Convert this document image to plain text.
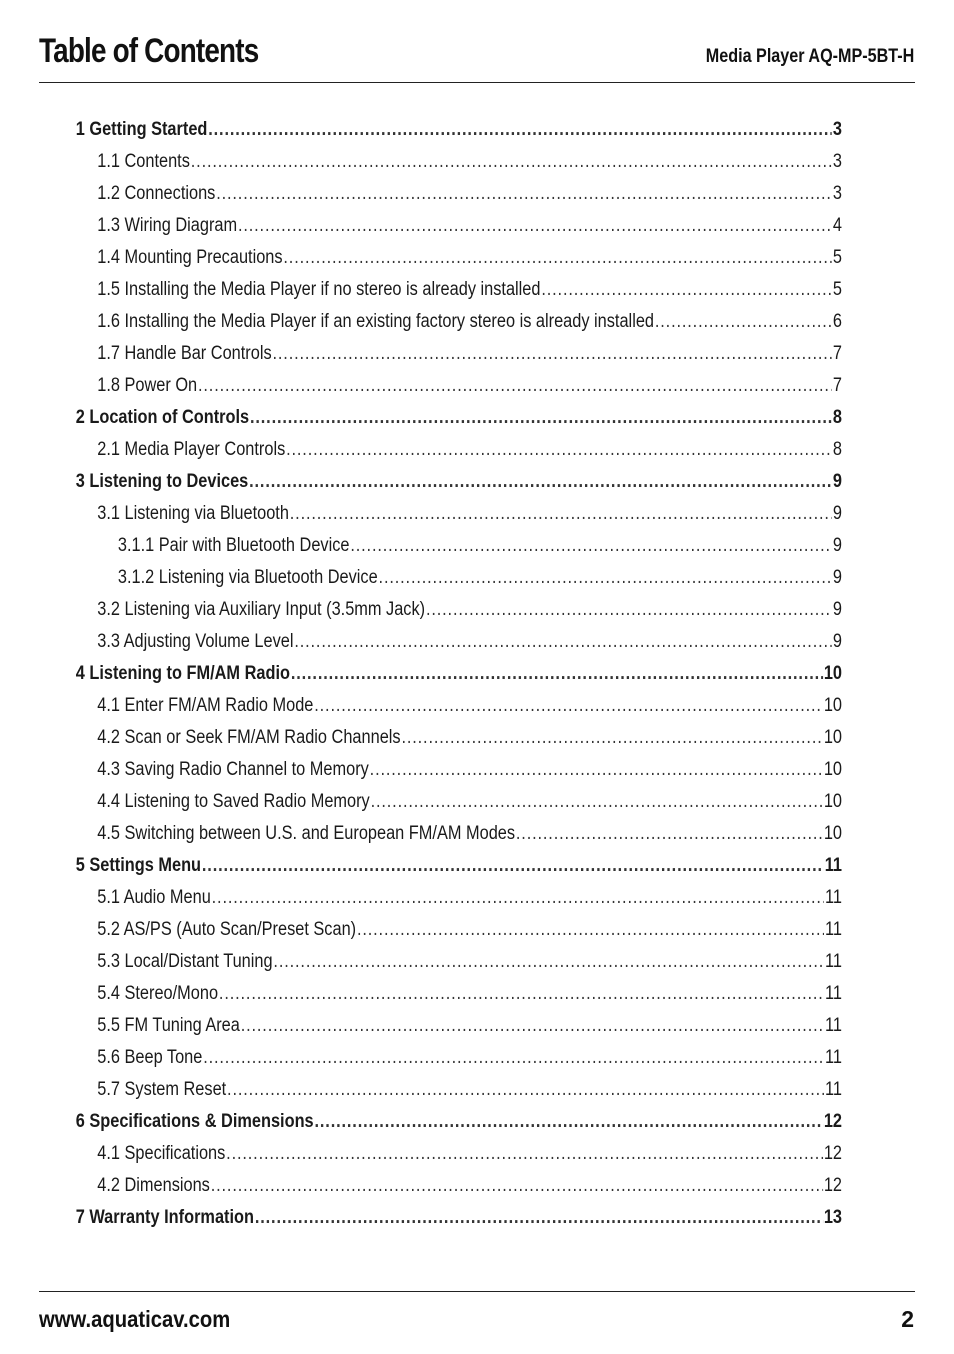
Table of Contents	Media Player AQ-MP-5BT-H
1 Getting Started .....	3
1.1 Contents .....	3
1.2 Connections .....	3
1.3 Wiring Diagram .....	4
1.4 Mounting Precautions .....	5
1.5 Installing the Media Player if no stereo is already installed .....	5
1.6 Installing the Media Player if an existing factory stereo is already installed .....	6
1.7 Handle Bar Controls .....	7
1.8 Power On .....	7
2 Location of Controls .....	8
2.1 Media Player Controls .....	8
3 Listening to Devices .....	9
3.1 Listening via Bluetooth .....	9
3.1.1 Pair with Bluetooth Device .....	9
3.1.2 Listening via Bluetooth Device .....	9
3.2 Listening via Auxiliary Input (3.5mm Jack) .....	9
3.3 Adjusting Volume Level .....	9
4 Listening to FM/AM Radio .....	10
4.1 Enter FM/AM Radio Mode .....	10
4.2 Scan or Seek FM/AM Radio Channels .....	10
4.3 Saving Radio Channel to Memory .....	10
4.4 Listening to Saved Radio Memory .....	10
4.5 Switching between U.S. and European FM/AM Modes .....	10
5 Settings Menu .....	11
5.1 Audio Menu .....	11
5.2 AS/PS (Auto Scan/Preset Scan) .....	11
5.3 Local/Distant Tuning .....	11
5.4 Stereo/Mono .....	11
5.5 FM Tuning Area .....	11
5.6 Beep Tone .....	11
5.7 System Reset .....	11
6 Specifications & Dimensions .....	12
4.1 Specifications .....	12
4.2 Dimensions .....	12
7 Warranty Information .....	13
www.aquaticav.com	2
